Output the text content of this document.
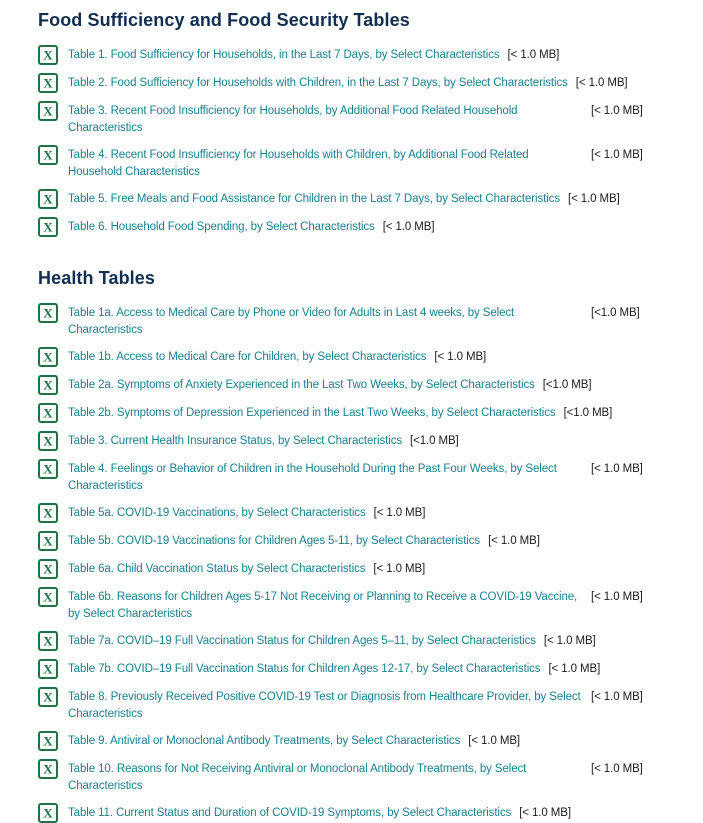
Food Sufficiency and Food Security Tables
X Table 1. Food Sufficiency for Households, in the Last 7 Days, by Select Characteristics [< 1.0 MB]
X Table 2. Food Sufficiency for Households with Children, in the Last 7 Days, by Select Characteristics [< 1.0 MB]
X Table 3. Recent Food Insufficiency for Households, by Additional Food Related Household Characteristics[< 1.0 MB]
X Table 4. Recent Food Insufficiency for Households with Children, by Additional Food Related Household Characteristics[< 1.0 MB]
X Table 5. Free Meals and Food Assistance for Children in the Last 7 Days, by Select Characteristics [< 1.0 MB]
X Table 6. Household Food Spending, by Select Characteristics [< 1.0 MB]
Health Tables
X Table 1a. Access to Medical Care by Phone or Video for Adults in Last 4 weeks, by Select Characteristics[<1.0 MB]
X Table 1b. Access to Medical Care for Children, by Select Characteristics [< 1.0 MB]
X Table 2a. Symptoms of Anxiety Experienced in the Last Two Weeks, by Select Characteristics [<1.0 MB]
X Table 2b. Symptoms of Depression Experienced in the Last Two Weeks, by Select Characteristics [<1.0 MB]
X Table 3. Current Health Insurance Status, by Select Characteristics [<1.0 MB]
X Table 4. Feelings or Behavior of Children in the Household During the Past Four Weeks, by Select Characteristics[< 1.0 MB]
X Table 5a. COVID-19 Vaccinations, by Select Characteristics [< 1.0 MB]
X Table 5b. COVID-19 Vaccinations for Children Ages 5-11, by Select Characteristics [< 1.0 MB]
X Table 6a. Child Vaccination Status by Select Characteristics [< 1.0 MB]
X Table 6b. Reasons for Children Ages 5-17 Not Receiving or Planning to Receive a COVID-19 Vaccine, by Select Characteristics[< 1.0 MB]
X Table 7a. COVID–19 Full Vaccination Status for Children Ages 5–11, by Select Characteristics [< 1.0 MB]
X Table 7b. COVID–19 Full Vaccination Status for Children Ages 12-17, by Select Characteristics [< 1.0 MB]
X Table 8. Previously Received Positive COVID-19 Test or Diagnosis from Healthcare Provider, by Select Characteristics[< 1.0 MB]
X Table 9. Antiviral or Monoclonal Antibody Treatments, by Select Characteristics [< 1.0 MB]
X Table 10. Reasons for Not Receiving Antiviral or Monoclonal Antibody Treatments, by Select Characteristics[< 1.0 MB]
X Table 11. Current Status and Duration of COVID-19 Symptoms, by Select Characteristics [< 1.0 MB]
